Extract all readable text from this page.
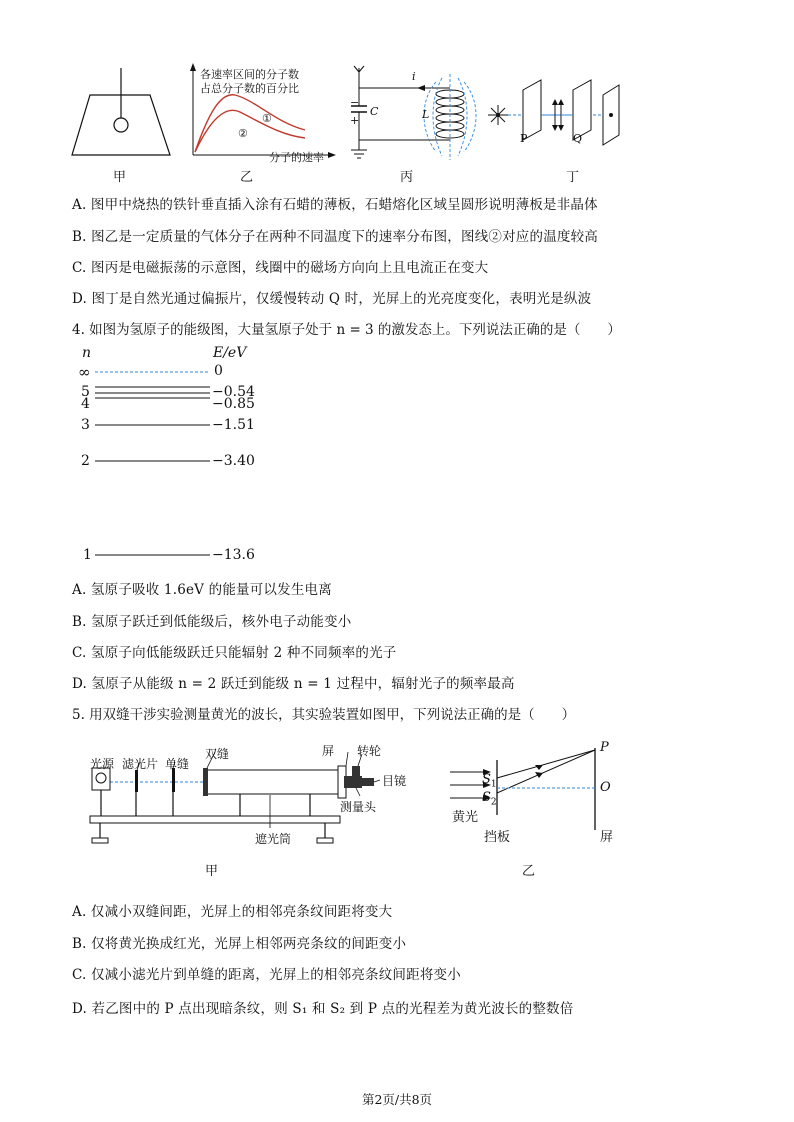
甲
各速率区间的分子数
占总分子数的百分比
①
②
分子的速率
乙
i
−
C
+	L
丙
P	Q
丁
A. 图甲中烧热的铁针垂直插入涂有石蜡的薄板，石蜡熔化区域呈圆形说明薄板是非晶体
B. 图乙是一定质量的气体分子在两种不同温度下的速率分布图，图线②对应的温度较高
C. 图丙是电磁振荡的示意图，线圈中的磁场方向向上且电流正在变大
D. 图丁是自然光通过偏振片，仅缓慢转动 Q 时，光屏上的光亮度变化，表明光是纵波
4. 如图为氢原子的能级图，大量氢原子处于 n = 3 的激发态上。下列说法正确的是（　　）
n	E/eV
∞	0
5	−0.54
4	−0.85
3	−1.51
2	−3.40
1	−13.6
A. 氢原子吸收 1.6eV 的能量可以发生电离
B. 氢原子跃迁到低能级后，核外电子动能变小
C. 氢原子向低能级跃迁只能辐射 2 种不同频率的光子
D. 氢原子从能级 n = 2 跃迁到能级 n = 1 过程中，辐射光子的频率最高
5. 用双缝干涉实验测量黄光的波长，其实验装置如图甲，下列说法正确的是（　　）
光源 滤光片 单缝
双缝	屏 转轮
目镜
测量头
遮光筒
甲
P
O
$S_1$
$S_2$
黄光
挡板	屏
乙
A. 仅减小双缝间距，光屏上的相邻亮条纹间距将变大
B. 仅将黄光换成红光，光屏上相邻两亮条纹的间距变小
C. 仅减小滤光片到单缝的距离，光屏上的相邻亮条纹间距将变小
D. 若乙图中的 P 点出现暗条纹，则 S₁ 和 S₂ 到 P 点的光程差为黄光波长的整数倍
第2页/共8页
